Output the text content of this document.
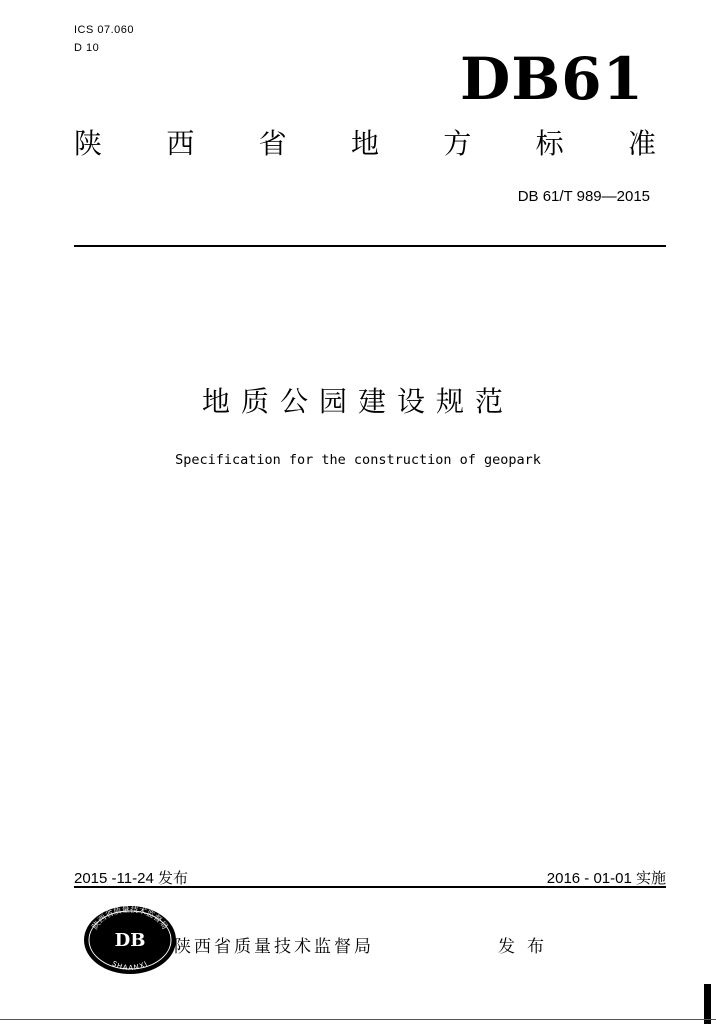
ICS 07.060
D 10	DB61
陕 西 省 地 方 标 准
DB 61/T 989—2015
地质公园建设规范
Specification for the construction of geopark
2015 -11-24 发布	2016 - 01-01 实施
陕西省质量技术监督局
DB
SHAANXI
陕西省质量技术监督局	发布
